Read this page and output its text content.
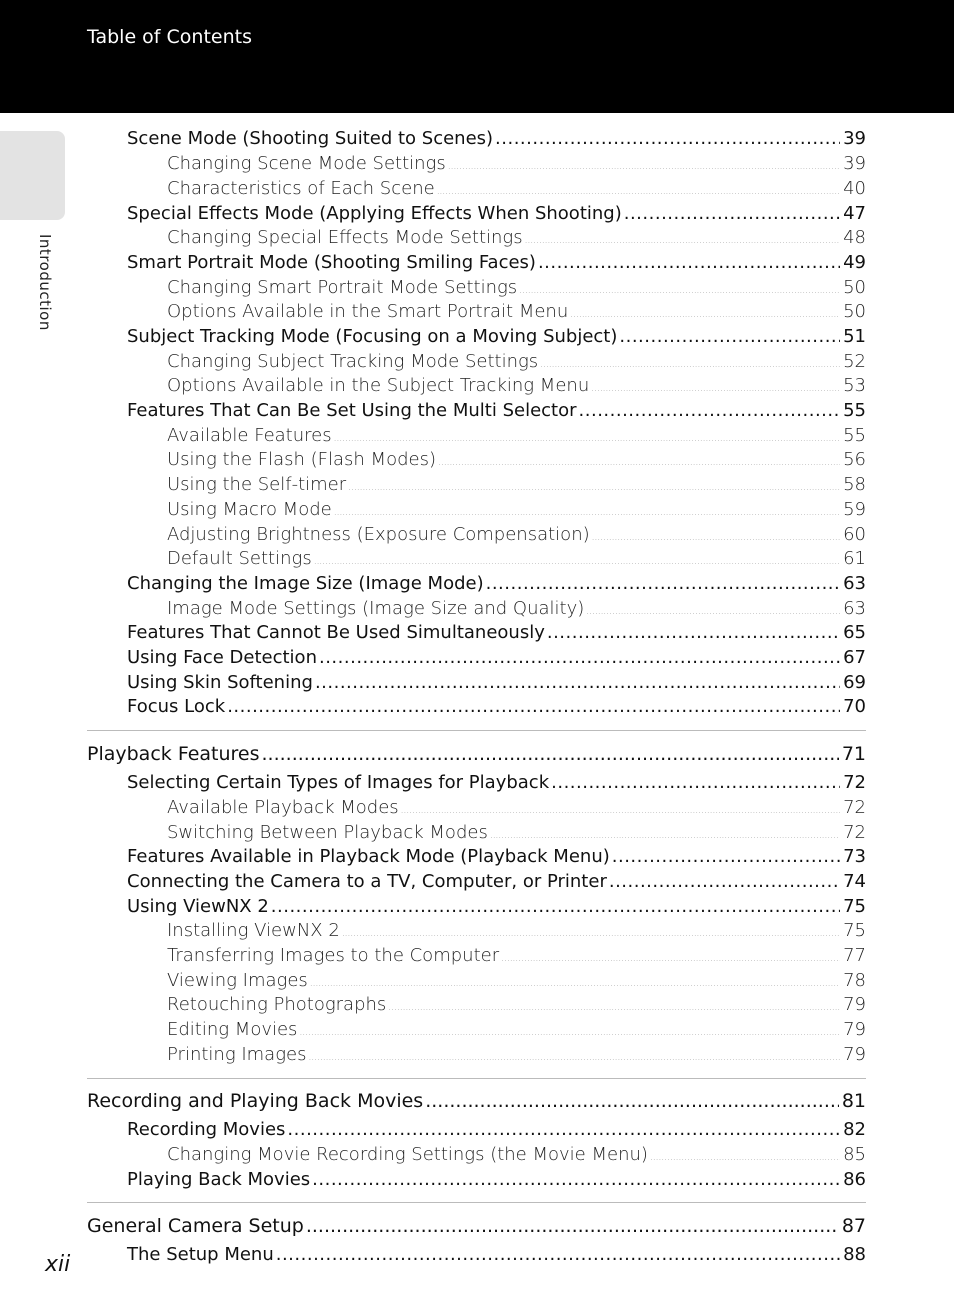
Table of Contents
Introduction
Scene Mode (Shooting Suited to Scenes) .....	39
Changing Scene Mode Settings .....	39
Characteristics of Each Scene .....	40
Special Effects Mode (Applying Effects When Shooting) .....	47
Changing Special Effects Mode Settings .....	48
Smart Portrait Mode (Shooting Smiling Faces) .....	49
Changing Smart Portrait Mode Settings .....	50
Options Available in the Smart Portrait Menu .....	50
Subject Tracking Mode (Focusing on a Moving Subject) .....	51
Changing Subject Tracking Mode Settings .....	52
Options Available in the Subject Tracking Menu .....	53
Features That Can Be Set Using the Multi Selector .....	55
Available Features .....	55
Using the Flash (Flash Modes) .....	56
Using the Self-timer .....	58
Using Macro Mode .....	59
Adjusting Brightness (Exposure Compensation) .....	60
Default Settings .....	61
Changing the Image Size (Image Mode) .....	63
Image Mode Settings (Image Size and Quality) .....	63
Features That Cannot Be Used Simultaneously .....	65
Using Face Detection .....	67
Using Skin Softening .....	69
Focus Lock .....	70
Playback Features .....	71
Selecting Certain Types of Images for Playback .....	72
Available Playback Modes .....	72
Switching Between Playback Modes .....	72
Features Available in Playback Mode (Playback Menu) .....	73
Connecting the Camera to a TV, Computer, or Printer .....	74
Using ViewNX 2 .....	75
Installing ViewNX 2 .....	75
Transferring Images to the Computer .....	77
Viewing Images .....	78
Retouching Photographs .....	79
Editing Movies .....	79
Printing Images .....	79
Recording and Playing Back Movies .....	81
Recording Movies .....	82
Changing Movie Recording Settings (the Movie Menu) .....	85
Playing Back Movies .....	86
General Camera Setup .....	87
The Setup Menu .....	88
xii
